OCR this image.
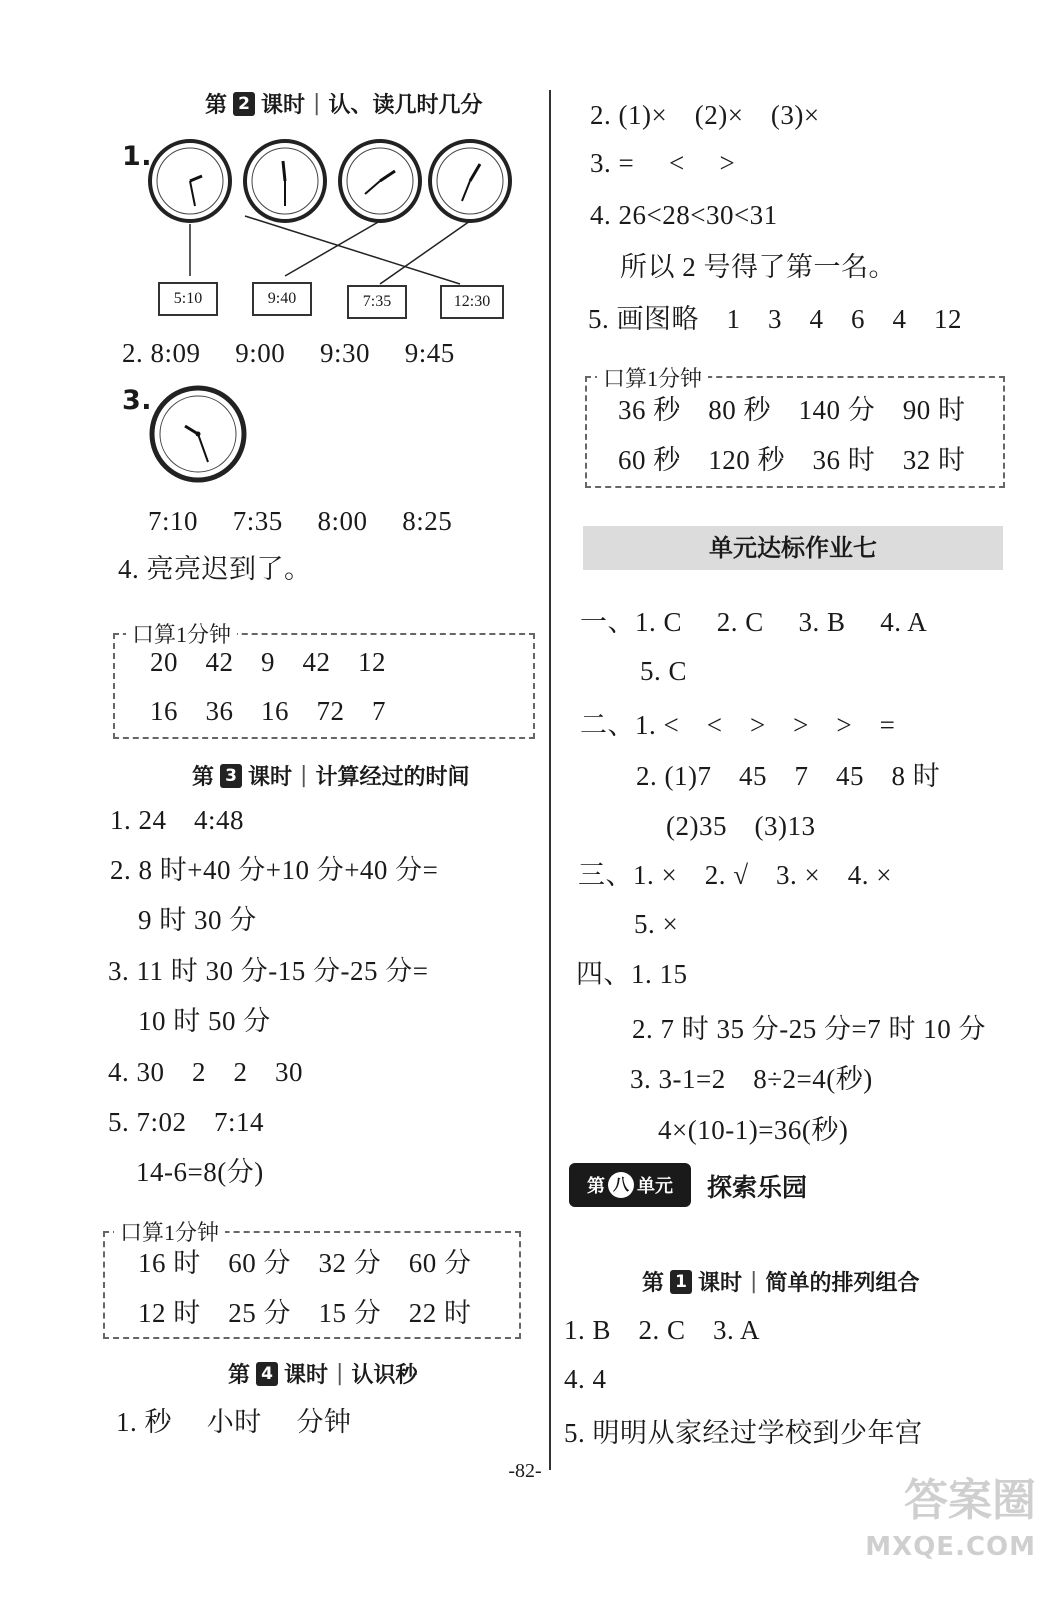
第 2 课时 | 认、读几时几分
1.
5:10	9:40	7:35	12:30
2. 8:09　 9:00　 9:30　 9:45
3.
7:10　 7:35　 8:00　 8:25
4. 亮亮迟到了。
口算1分钟
20　42　9　42　12
16　36　16　72　7
第 3 课时 | 计算经过的时间
1. 24　4:48
2. 8 时+40 分+10 分+40 分=
9 时 30 分
3. 11 时 30 分-15 分-25 分=
10 时 50 分
4. 30　2　2　30
5. 7:02　7:14
14-6=8(分)
口算1分钟
16 时　60 分　32 分　60 分
12 时　25 分　15 分　22 时
第 4 课时 | 认识秒
1. 秒　 小时　 分钟
2. (1)×　(2)×　(3)×
3. =　 <　 >
4. 26<28<30<31
所以 2 号得了第一名。
5. 画图略　1　3　4　6　4　12
口算1分钟
36 秒　80 秒　140 分　90 时
60 秒　120 秒　36 时　32 时
单元达标作业七
一、1. C　 2. C　 3. B　 4. A
5. C
二、1. <　<　>　>　>　=
2. (1)7　45　7　45　8 时
(2)35　(3)13
三、1. ×　2. √　3. ×　4. ×
5. ×
四、1. 15
2. 7 时 35 分-25 分=7 时 10 分
3. 3-1=2　8÷2=4(秒)
4×(10-1)=36(秒)
第 八 单元 探索乐园
第 1 课时 | 简单的排列组合
1. B　2. C　3. A
4. 4
5. 明明从家经过学校到少年宫
-82-
答案圈
MXQE.COM
